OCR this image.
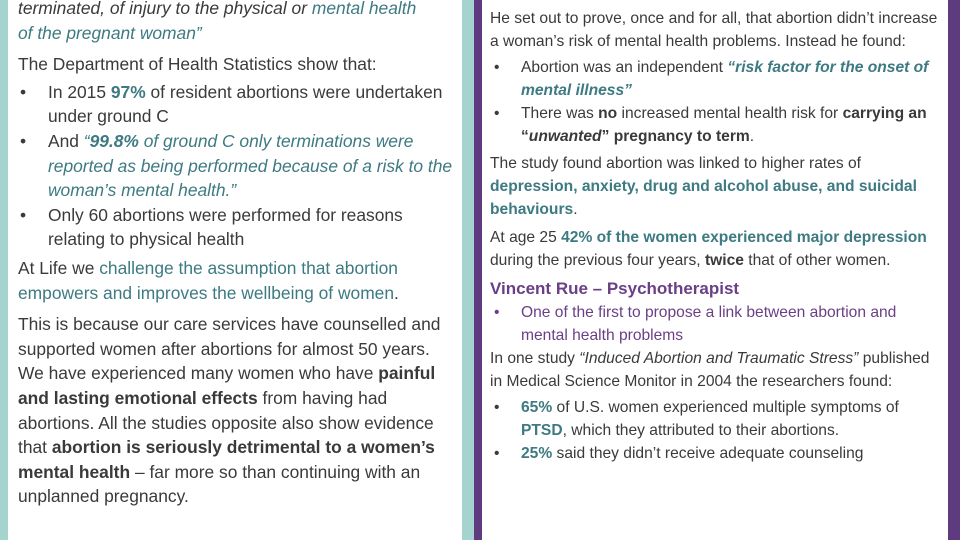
terminated, of injury to the physical or mental health
of the pregnant woman”

The Department of Health Statistics show that:

• In 2015 97% of resident abortions were undertaken under ground C
• And “99.8% of ground C only terminations were reported as being performed because of a risk to the woman’s mental health.”
• Only 60 abortions were performed for reasons relating to physical health

At Life we challenge the assumption that abortion empowers and improves the wellbeing of women.

This is because our care services have counselled and supported women after abortions for almost 50 years. We have experienced many women who have painful and lasting emotional effects from having had abortions. All the studies opposite also show evidence that abortion is seriously detrimental to a women’s mental health – far more so than continuing with an unplanned pregnancy.

He set out to prove, once and for all, that abortion didn’t increase a woman’s risk of mental health problems. Instead he found:

• Abortion was an independent “risk factor for the onset of mental illness”
• There was no increased mental health risk for carrying an “unwanted” pregnancy to term.

The study found abortion was linked to higher rates of depression, anxiety, drug and alcohol abuse, and suicidal behaviours.

At age 25 42% of the women experienced major depression during the previous four years, twice that of other women.

Vincent Rue – Psychotherapist

• One of the first to propose a link between abortion and mental health problems

In one study “Induced Abortion and Traumatic Stress” published in Medical Science Monitor in 2004 the researchers found:

• 65% of U.S. women experienced multiple symptoms of PTSD, which they attributed to their abortions.
• 25% said they didn’t receive adequate counseling
